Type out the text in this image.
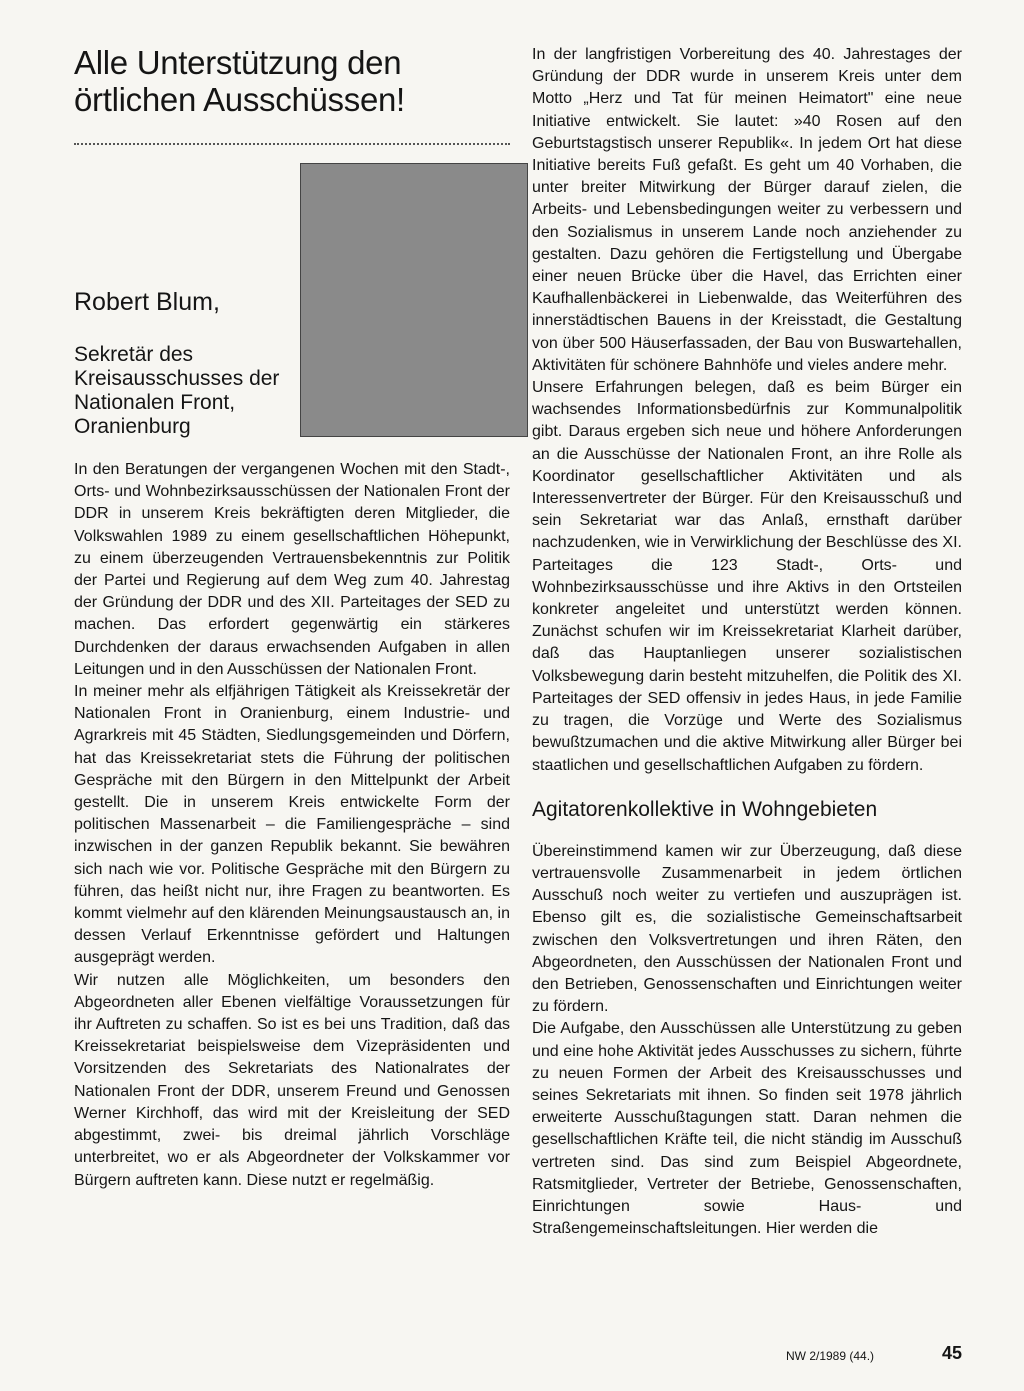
Alle Unterstützung den örtlichen Ausschüssen!

Robert Blum,

Sekretär des Kreisausschusses der Nationalen Front, Oranienburg

In den Beratungen der vergangenen Wochen mit den Stadt-, Orts- und Wohnbezirksausschüssen der Nationalen Front der DDR in unserem Kreis bekräftigten deren Mitglieder, die Volkswahlen 1989 zu einem gesellschaftlichen Höhepunkt, zu einem überzeugenden Vertrauensbekenntnis zur Politik der Partei und Regierung auf dem Weg zum 40. Jahrestag der Gründung der DDR und des XII. Parteitages der SED zu machen. Das erfordert gegenwärtig ein stärkeres Durchdenken der daraus erwachsenden Aufgaben in allen Leitungen und in den Ausschüssen der Nationalen Front.

In meiner mehr als elfjährigen Tätigkeit als Kreissekretär der Nationalen Front in Oranienburg, einem Industrie- und Agrarkreis mit 45 Städten, Siedlungsgemeinden und Dörfern, hat das Kreissekretariat stets die Führung der politischen Gespräche mit den Bürgern in den Mittelpunkt der Arbeit gestellt. Die in unserem Kreis entwickelte Form der politischen Massenarbeit – die Familiengespräche – sind inzwischen in der ganzen Republik bekannt. Sie bewähren sich nach wie vor. Politische Gespräche mit den Bürgern zu führen, das heißt nicht nur, ihre Fragen zu beantworten. Es kommt vielmehr auf den klärenden Meinungsaustausch an, in dessen Verlauf Erkenntnisse gefördert und Haltungen ausgeprägt werden.

Wir nutzen alle Möglichkeiten, um besonders den Abgeordneten aller Ebenen vielfältige Voraussetzungen für ihr Auftreten zu schaffen. So ist es bei uns Tradition, daß das Kreissekretariat beispielsweise dem Vizepräsidenten und Vorsitzenden des Sekretariats des Nationalrates der Nationalen Front der DDR, unserem Freund und Genossen Werner Kirchhoff, das wird mit der Kreisleitung der SED abgestimmt, zwei- bis dreimal jährlich Vorschläge unterbreitet, wo er als Abgeordneter der Volkskammer vor Bürgern auftreten kann. Diese nutzt er regelmäßig.

In der langfristigen Vorbereitung des 40. Jahrestages der Gründung der DDR wurde in unserem Kreis unter dem Motto „Herz und Tat für meinen Heimatort" eine neue Initiative entwickelt. Sie lautet: »40 Rosen auf den Geburtstagstisch unserer Republik«. In jedem Ort hat diese Initiative bereits Fuß gefaßt. Es geht um 40 Vorhaben, die unter breiter Mitwirkung der Bürger darauf zielen, die Arbeits- und Lebensbedingungen weiter zu verbessern und den Sozialismus in unserem Lande noch anziehender zu gestalten. Dazu gehören die Fertigstellung und Übergabe einer neuen Brücke über die Havel, das Errichten einer Kaufhallenbäckerei in Liebenwalde, das Weiterführen des innerstädtischen Bauens in der Kreisstadt, die Gestaltung von über 500 Häuserfassaden, der Bau von Buswartehallen, Aktivitäten für schönere Bahnhöfe und vieles andere mehr.

Unsere Erfahrungen belegen, daß es beim Bürger ein wachsendes Informationsbedürfnis zur Kommunalpolitik gibt. Daraus ergeben sich neue und höhere Anforderungen an die Ausschüsse der Nationalen Front, an ihre Rolle als Koordinator gesellschaftlicher Aktivitäten und als Interessenvertreter der Bürger. Für den Kreisausschuß und sein Sekretariat war das Anlaß, ernsthaft darüber nachzudenken, wie in Verwirklichung der Beschlüsse des XI. Parteitages die 123 Stadt-, Orts- und Wohnbezirksausschüsse und ihre Aktivs in den Ortsteilen konkreter angeleitet und unterstützt werden können. Zunächst schufen wir im Kreissekretariat Klarheit darüber, daß das Hauptanliegen unserer sozialistischen Volksbewegung darin besteht mitzuhelfen, die Politik des XI. Parteitages der SED offensiv in jedes Haus, in jede Familie zu tragen, die Vorzüge und Werte des Sozialismus bewußtzumachen und die aktive Mitwirkung aller Bürger bei staatlichen und gesellschaftlichen Aufgaben zu fördern.

Agitatorenkollektive in Wohngebieten

Übereinstimmend kamen wir zur Überzeugung, daß diese vertrauensvolle Zusammenarbeit in jedem örtlichen Ausschuß noch weiter zu vertiefen und auszuprägen ist. Ebenso gilt es, die sozialistische Gemeinschaftsarbeit zwischen den Volksvertretungen und ihren Räten, den Abgeordneten, den Ausschüssen der Nationalen Front und den Betrieben, Genossenschaften und Einrichtungen weiter zu fördern.

Die Aufgabe, den Ausschüssen alle Unterstützung zu geben und eine hohe Aktivität jedes Ausschusses zu sichern, führte zu neuen Formen der Arbeit des Kreisausschusses und seines Sekretariats mit ihnen. So finden seit 1978 jährlich erweiterte Ausschußtagungen statt. Daran nehmen die gesellschaftlichen Kräfte teil, die nicht ständig im Ausschuß vertreten sind. Das sind zum Beispiel Abgeordnete, Ratsmitglieder, Vertreter der Betriebe, Genossenschaften, Einrichtungen sowie Haus- und Straßengemeinschaftsleitungen. Hier werden die

NW 2/1989 (44.)	45
